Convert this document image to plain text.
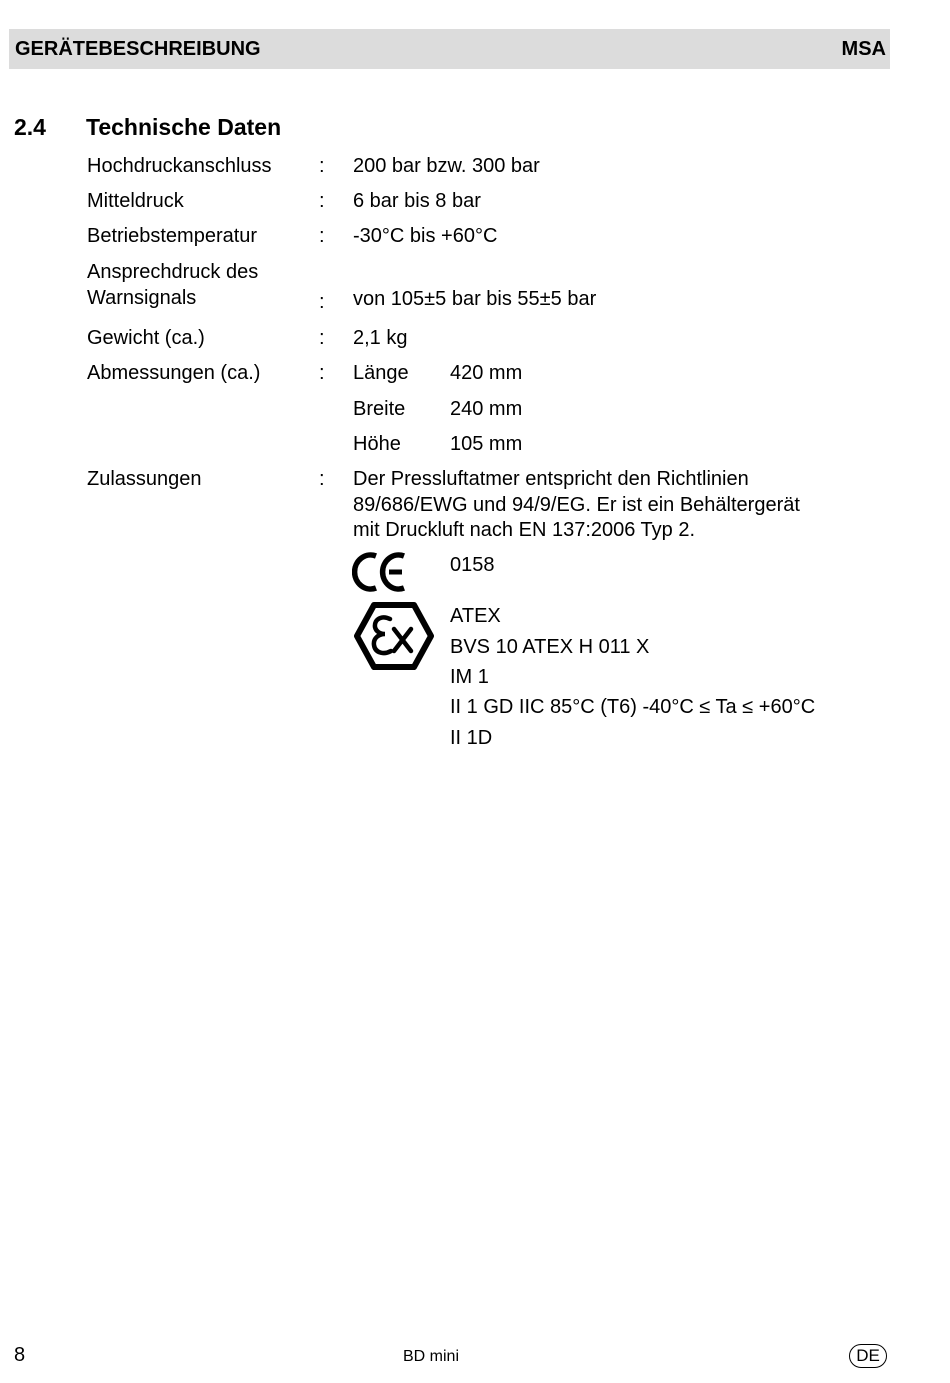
GERÄTEBESCHREIBUNG	MSA
2.4 Technische Daten
Hochdruckanschluss : 200 bar bzw. 300 bar
Mitteldruck	: 6 bar bis 8 bar
Betriebstemperatur	: -30°C bis +60°C
Ansprechdruck des
Warnsignals	: von 105±5 bar bis 55±5 bar
Gewicht (ca.)	: 2,1 kg
Abmessungen (ca.)	: Länge 420 mm
Breite 240 mm
Höhe 105 mm
Zulassungen	: Der Pressluftatmer entspricht den Richtlinien
89/686/EWG und 94/9/EG. Er ist ein Behältergerät
mit Druckluft nach EN 137:2006 Typ 2.
0158
ATEX
BVS 10 ATEX H 011 X
IM 1
II 1 GD IIC 85°C (T6) -40°C ≤ Ta ≤ +60°C
II 1D
8	BD mini	DE
